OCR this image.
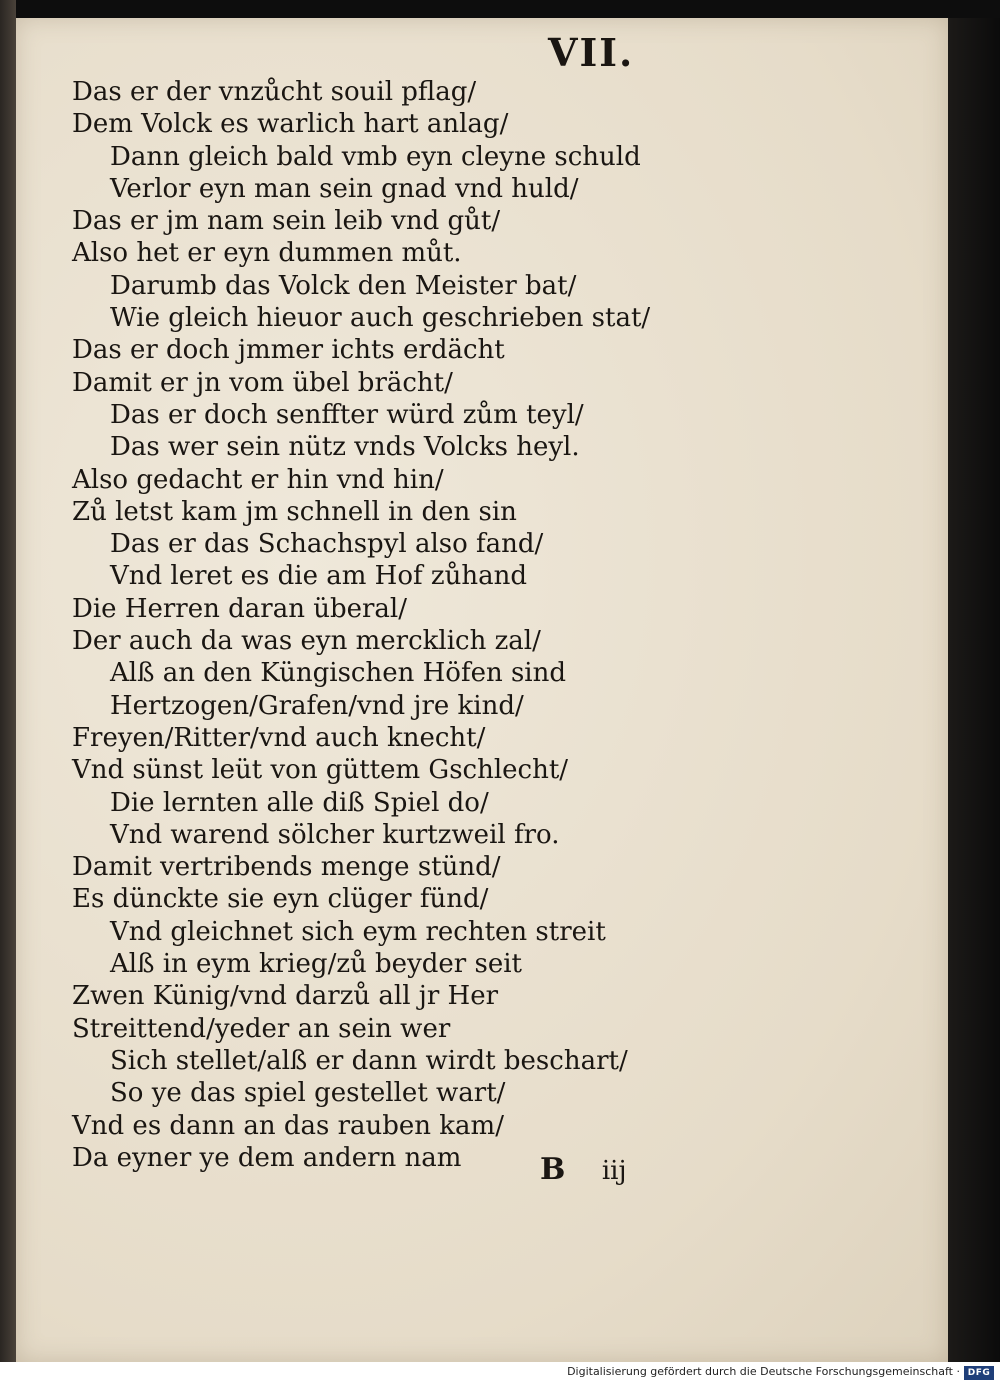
VII.
Das er der vnzůcht souil pflag/
Dem Volck es warlich hart anlag/
Dann gleich bald vmb eyn cleyne schuld
Verlor eyn man sein gnad vnd huld/
Das er jm nam sein leib vnd gůt/
Also het er eyn dummen můt.
Darumb das Volck den Meister bat/
Wie gleich hieuor auch geschrieben stat/
Das er doch jmmer ichts erdächt
Damit er jn vom übel brächt/
Das er doch senffter würd zům teyl/
Das wer sein nütz vnds Volcks heyl.
Also gedacht er hin vnd hin/
Zů letst kam jm schnell in den sin
Das er das Schachspyl also fand/
Vnd leret es die am Hof zůhand
Die Herren daran überal/
Der auch da was eyn mercklich zal/
Alß an den Küngischen Höfen sind
Hertzogen/Grafen/vnd jre kind/
Freyen/Ritter/vnd auch knecht/
Vnd sünst leüt von güttem Gschlecht/
Die lernten alle diß Spiel do/
Vnd warend sölcher kurtzweil fro.
Damit vertribends menge stünd/
Es dünckte sie eyn clüger fünd/
Vnd gleichnet sich eym rechten streit
Alß in eym krieg/zů beyder seit
Zwen Künig/vnd darzů all jr Her
Streittend/yeder an sein wer
Sich stellet/alß er dann wirdt beschart/
So ye das spiel gestellet wart/
Vnd es dann an das rauben kam/
Da eyner ye dem andern nam	B iij
Digitalisierung gefördert durch die Deutsche Forschungsgemeinschaft · DFG
